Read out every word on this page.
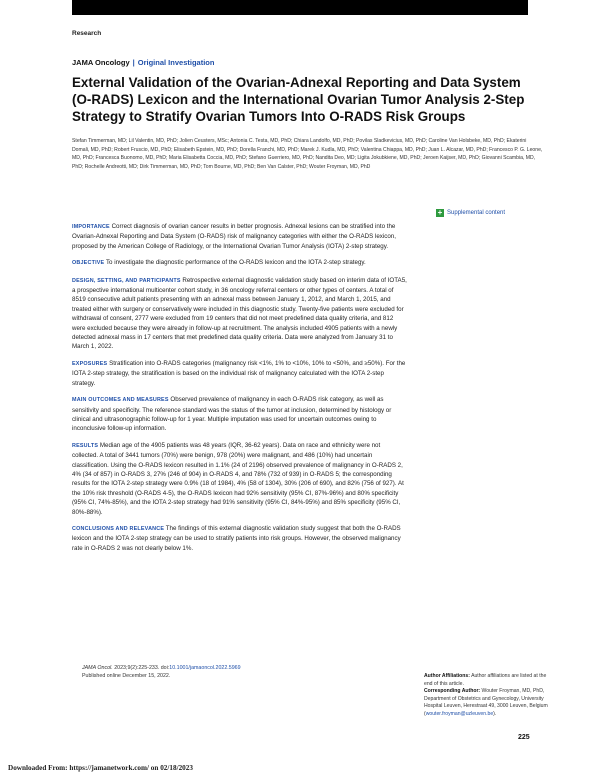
Research
JAMA Oncology | Original Investigation
External Validation of the Ovarian-Adnexal Reporting and Data System (O-RADS) Lexicon and the International Ovarian Tumor Analysis 2-Step Strategy to Stratify Ovarian Tumors Into O-RADS Risk Groups

Stefan Timmerman, MD; Lil Valentin, MD, PhD; Jolien Ceusters, MSc; Antonia C. Testa, MD, PhD; Chiara Landolfo, MD, PhD; Povilas Sladkevicius, MD, PhD; Caroline Van Holsbeke, MD, PhD; Ekaterini Domali, MD, PhD; Robert Fruscio, MD, PhD; Elisabeth Epstein, MD, PhD; Dorella Franchi, MD, PhD; Marek J. Kudla, MD, PhD; Valentina Chiappa, MD, PhD; Juan L. Alcazar, MD, PhD; Francesco P. G. Leone, MD, PhD; Francesca Buonomo, MD, PhD; Maria Elisabetta Coccia, MD, PhD; Stefano Guerriero, MD, PhD; Nandita Deo, MD; Ligita Jokubkiene, MD, PhD; Jeroen Kaijser, MD, PhD; Giovanni Scambia, MD, PhD; Rochelle Andreotti, MD; Dirk Timmerman, MD, PhD; Tom Bourne, MD, PhD; Ben Van Calster, PhD; Wouter Froyman, MD, PhD

+ Supplemental content

IMPORTANCE Correct diagnosis of ovarian cancer results in better prognosis. Adnexal lesions can be stratified into the Ovarian-Adnexal Reporting and Data System (O-RADS) risk of malignancy categories with either the O-RADS lexicon, proposed by the American College of Radiology, or the International Ovarian Tumor Analysis (IOTA) 2-step strategy.

OBJECTIVE To investigate the diagnostic performance of the O-RADS lexicon and the IOTA 2-step strategy.

DESIGN, SETTING, AND PARTICIPANTS Retrospective external diagnostic validation study based on interim data of IOTA5, a prospective international multicenter cohort study, in 36 oncology referral centers or other types of centers. A total of 8519 consecutive adult patients presenting with an adnexal mass between January 1, 2012, and March 1, 2015, and treated either with surgery or conservatively were included in this diagnostic study. Twenty-five patients were excluded for withdrawal of consent, 2777 were excluded from 19 centers that did not meet predefined data quality criteria, and 812 were excluded because they were already in follow-up at recruitment. The analysis included 4905 patients with a newly detected adnexal mass in 17 centers that met predefined data quality criteria. Data were analyzed from January 31 to March 1, 2022.

EXPOSURES Stratification into O-RADS categories (malignancy risk <1%, 1% to <10%, 10% to <50%, and ≥50%). For the IOTA 2-step strategy, the stratification is based on the individual risk of malignancy calculated with the IOTA 2-step strategy.

MAIN OUTCOMES AND MEASURES Observed prevalence of malignancy in each O-RADS risk category, as well as sensitivity and specificity. The reference standard was the status of the tumor at inclusion, determined by histology or clinical and ultrasonographic follow-up for 1 year. Multiple imputation was used for uncertain outcomes owing to inconclusive follow-up information.

RESULTS Median age of the 4905 patients was 48 years (IQR, 36-62 years). Data on race and ethnicity were not collected. A total of 3441 tumors (70%) were benign, 978 (20%) were malignant, and 486 (10%) had uncertain classification. Using the O-RADS lexicon resulted in 1.1% (24 of 2196) observed prevalence of malignancy in O-RADS 2, 4% (34 of 857) in O-RADS 3, 27% (246 of 904) in O-RADS 4, and 78% (732 of 939) in O-RADS 5; the corresponding results for the IOTA 2-step strategy were 0.9% (18 of 1984), 4% (58 of 1304), 30% (206 of 690), and 82% (756 of 927). At the 10% risk threshold (O-RADS 4-5), the O-RADS lexicon had 92% sensitivity (95% CI, 87%-96%) and 80% specificity (95% CI, 74%-85%), and the IOTA 2-step strategy had 91% sensitivity (95% CI, 84%-95%) and 85% specificity (95% CI, 80%-88%).

CONCLUSIONS AND RELEVANCE The findings of this external diagnostic validation study suggest that both the O-RADS lexicon and the IOTA 2-step strategy can be used to stratify patients into risk groups. However, the observed malignancy rate in O-RADS 2 was not clearly below 1%.

JAMA Oncol. 2023;9(2):225-233. doi:10.1001/jamaoncol.2022.5969
Published online December 15, 2022.	Author Affiliations: Author affiliations are listed at the end of this article.

Corresponding Author: Wouter Froyman, MD, PhD, Department of Obstetrics and Gynecology, University Hospital Leuven, Herestraat 49, 3000 Leuven, Belgium (wouter.froyman@uzleuven.be).

225
Downloaded From: https://jamanetwork.com/ on 02/18/2023
